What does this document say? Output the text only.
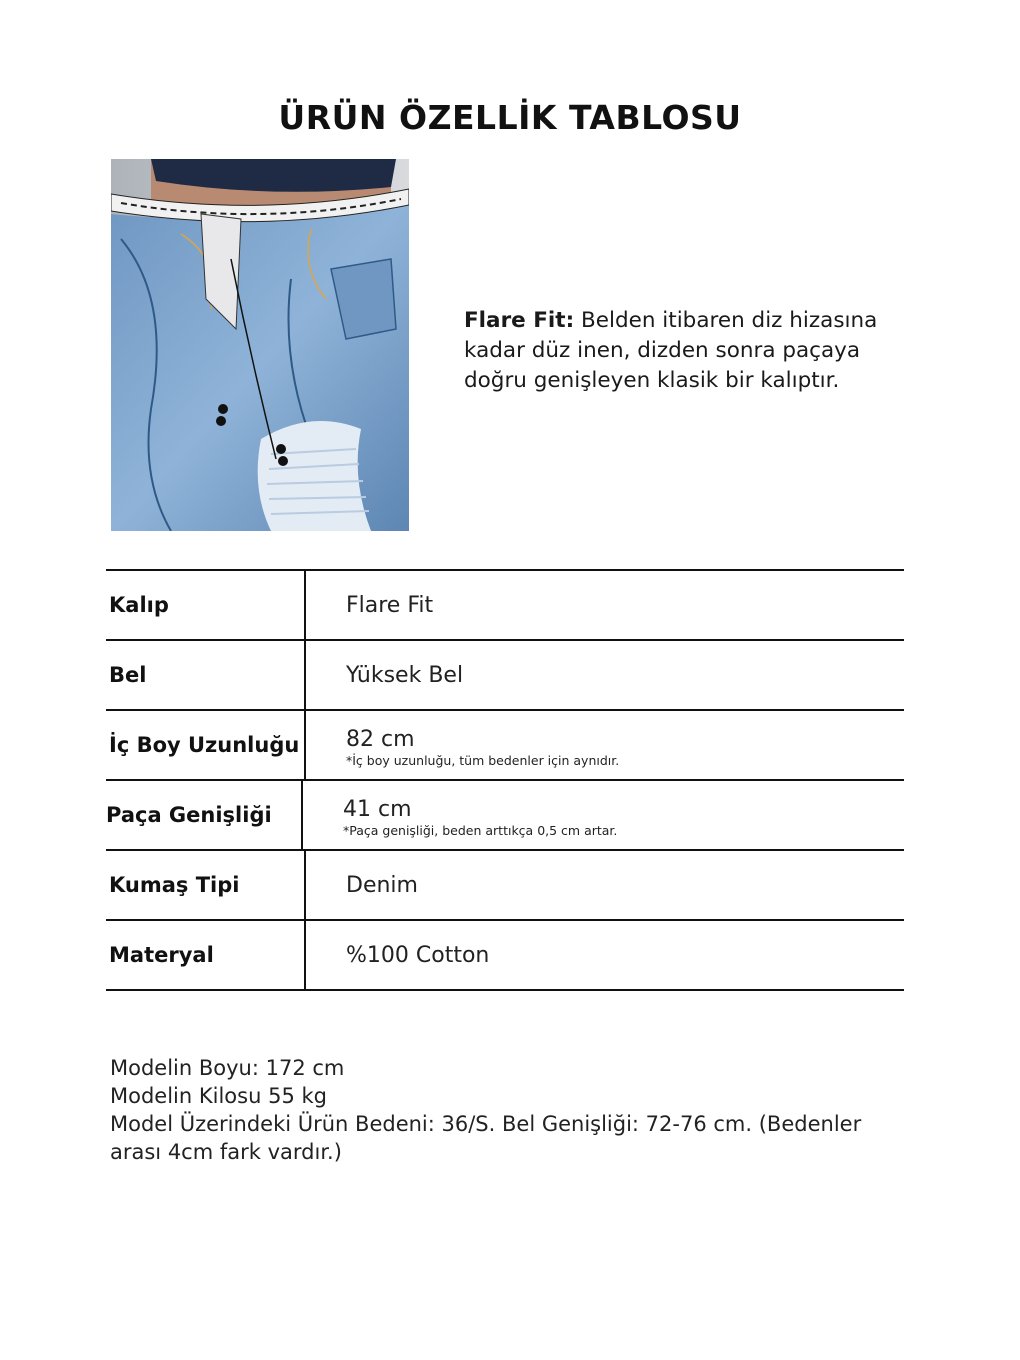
ÜRÜN ÖZELLİK TABLOSU
Flare Fit: Belden itibaren diz hizasına kadar düz inen, dizden sonra paçaya doğru genişleyen klasik bir kalıptır.
Kalıp	Flare Fit
Bel	Yüksek Bel
İç Boy Uzunluğu	82 cm
*İç boy uzunluğu, tüm bedenler için aynıdır.
Paça Genişliği	41 cm
*Paça genişliği, beden arttıkça 0,5 cm artar.
Kumaş Tipi	Denim
Materyal	%100 Cotton
Modelin Boyu: 172 cm
Modelin Kilosu 55 kg
Model Üzerindeki Ürün Bedeni: 36/S. Bel Genişliği: 72-76 cm. (Bedenler arası 4cm fark vardır.)
